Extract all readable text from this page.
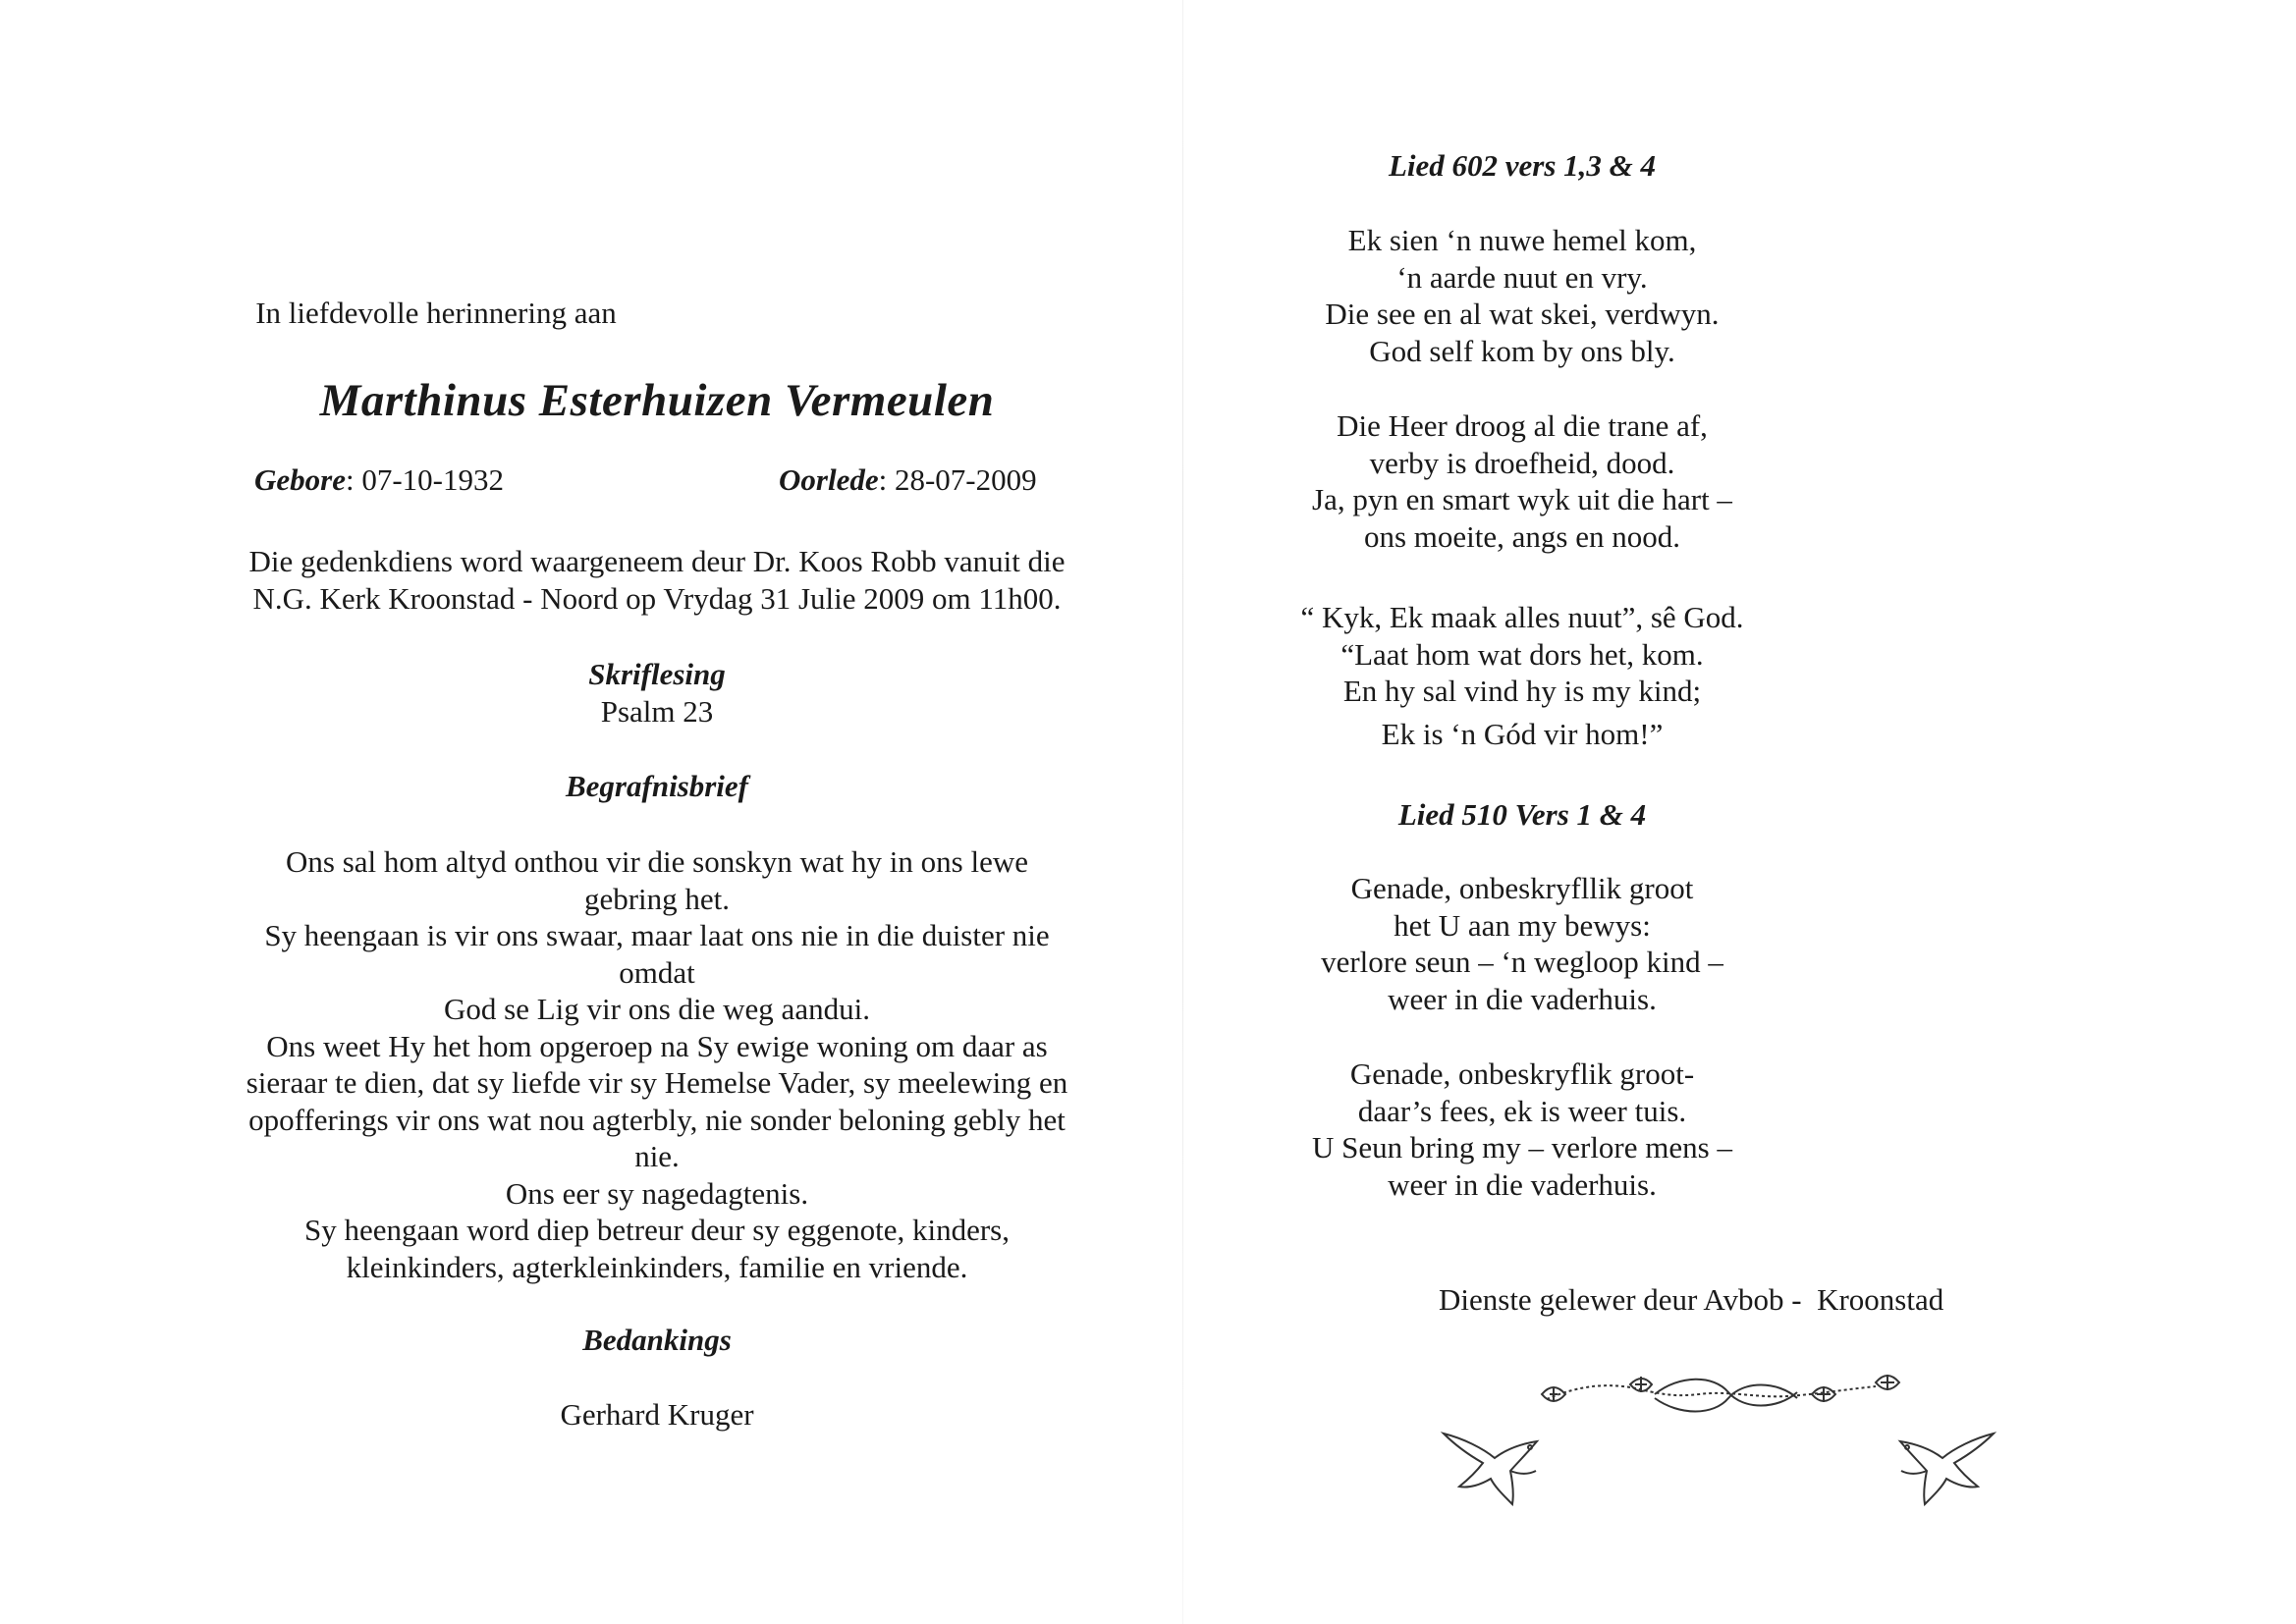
In liefdevolle herinnering aan
Marthinus Esterhuizen Vermeulen
Gebore: 07-10-1932	Oorlede: 28-07-2009
Die gedenkdiens word waargeneem deur Dr. Koos Robb vanuit die
N.G. Kerk Kroonstad - Noord op Vrydag 31 Julie 2009 om 11h00.
Skriflesing
Psalm 23
Begrafnisbrief
Ons sal hom altyd onthou vir die sonskyn wat hy in ons lewe
gebring het.
Sy heengaan is vir ons swaar, maar laat ons nie in die duister nie
omdat
God se Lig vir ons die weg aandui.
Ons weet Hy het hom opgeroep na Sy ewige woning om daar as
sieraar te dien, dat sy liefde vir sy Hemelse Vader, sy meelewing en
opofferings vir ons wat nou agterbly, nie sonder beloning gebly het
nie.
Ons eer sy nagedagtenis.
Sy heengaan word diep betreur deur sy eggenote, kinders,
kleinkinders, agterkleinkinders, familie en vriende.
Bedankings
Gerhard Kruger
Lied 602 vers 1,3 & 4
Ek sien ‘n nuwe hemel kom,
‘n aarde nuut en vry.
Die see en al wat skei, verdwyn.
God self kom by ons bly.
Die Heer droog al die trane af,
verby is droefheid, dood.
Ja, pyn en smart wyk uit die hart –
ons moeite, angs en nood.
“ Kyk, Ek maak alles nuut”, sê God.
“Laat hom wat dors het, kom.
En hy sal vind hy is my kind;
Ek is ‘n Gód vir hom!”
Lied 510 Vers 1 & 4
Genade, onbeskryfllik groot
het U aan my bewys:
verlore seun – ‘n wegloop kind –
weer in die vaderhuis.
Genade, onbeskryflik groot-
daar’s fees, ek is weer tuis.
U Seun bring my – verlore mens –
weer in die vaderhuis.
Dienste gelewer deur Avbob -  Kroonstad
